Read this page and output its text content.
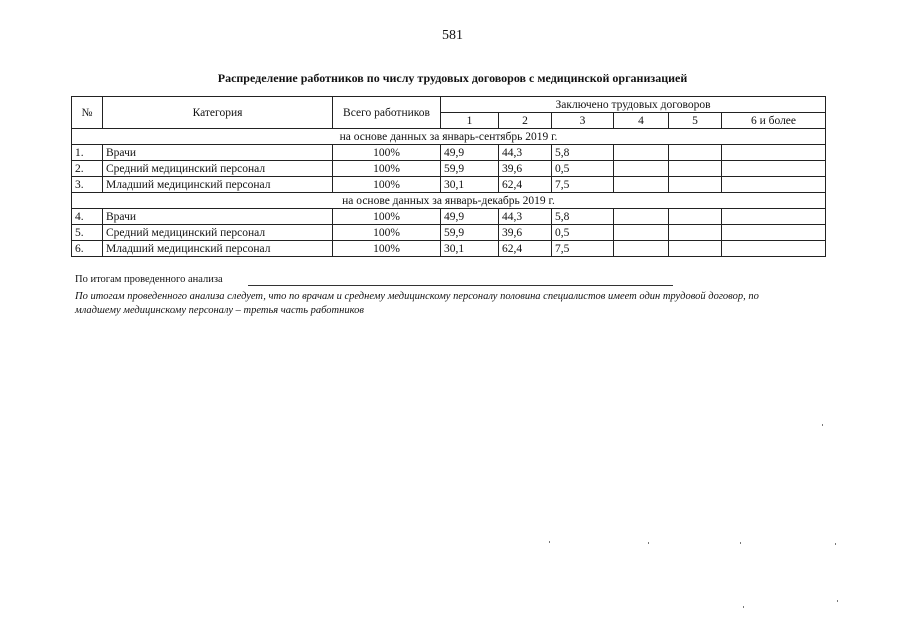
581
Распределение работников по числу трудовых договоров с медицинской организацией
№	Категория	Всего работников	Заключено трудовых договоров					
			1	2	3	4	5	6 и более
на основе данных за январь-сентябрь 2019 г.								
1.	Врачи	100%	49,9	44,3	5,8			
2.	Средний медицинский персонал	100%	59,9	39,6	0,5			
3.	Младший медицинский персонал	100%	30,1	62,4	7,5			
на основе данных за январь-декабрь 2019 г.								
4.	Врачи	100%	49,9	44,3	5,8			
5.	Средний медицинский персонал	100%	59,9	39,6	0,5			
6.	Младший медицинский персонал	100%	30,1	62,4	7,5			
По итогам проведенного анализа
По итогам проведенного анализа следует, что по врачам и среднему медицинскому персоналу половина специалистов имеет один трудовой договор, по младшему медицинскому персоналу – третья часть работников
